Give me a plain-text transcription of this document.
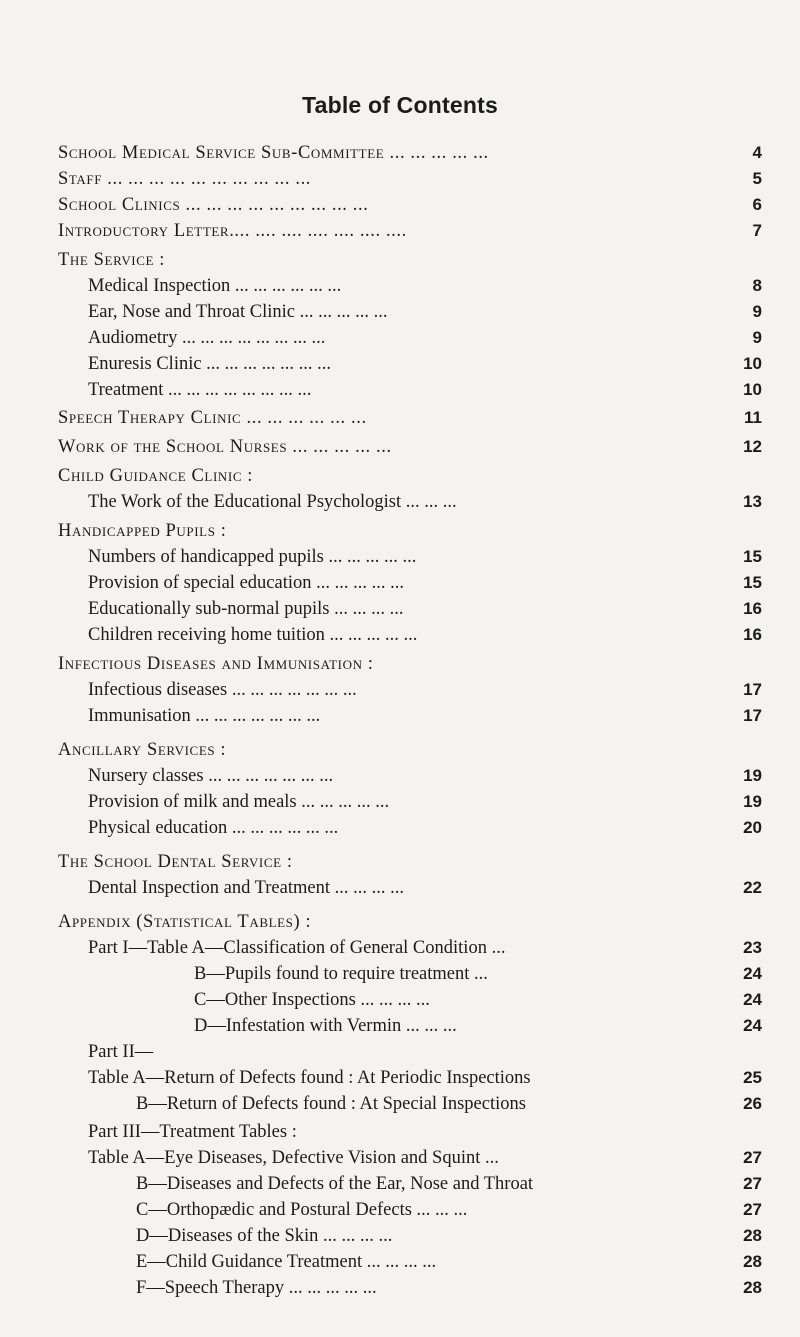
Table of Contents
School Medical Service Sub-Committee ... ... ... ... ...	4
Staff ... ... ... ... ... ... ... ... ... ...	5
School Clinics ... ... ... ... ... ... ... ... ...	6
Introductory Letter.... .... .... .... .... .... ....	7
The Service :
Medical Inspection ... ... ... ... ... ...	8
Ear, Nose and Throat Clinic ... ... ... ... ...	9
Audiometry ... ... ... ... ... ... ... ...	9
Enuresis Clinic ... ... ... ... ... ... ...	10
Treatment ... ... ... ... ... ... ... ...	10
Speech Therapy Clinic ... ... ... ... ... ...	11
Work of the School Nurses ... ... ... ... ...	12
Child Guidance Clinic :
The Work of the Educational Psychologist ... ... ...	13
Handicapped Pupils :
Numbers of handicapped pupils ... ... ... ... ...	15
Provision of special education ... ... ... ... ...	15
Educationally sub-normal pupils ... ... ... ...	16
Children receiving home tuition ... ... ... ... ...	16
Infectious Diseases and Immunisation :
Infectious diseases ... ... ... ... ... ... ...	17
Immunisation ... ... ... ... ... ... ...	17
Ancillary Services :
Nursery classes ... ... ... ... ... ... ...	19
Provision of milk and meals ... ... ... ... ...	19
Physical education ... ... ... ... ... ...	20
The School Dental Service :
Dental Inspection and Treatment ... ... ... ...	22
Appendix (Statistical Tables) :
Part I—Table A—Classification of General Condition ...	23
B—Pupils found to require treatment ...	24
C—Other Inspections ... ... ... ...	24
D—Infestation with Vermin ... ... ...	24
Part II—
Table A—Return of Defects found : At Periodic Inspections	25
B—Return of Defects found : At Special Inspections	26
Part III—Treatment Tables :
Table A—Eye Diseases, Defective Vision and Squint ...	27
B—Diseases and Defects of the Ear, Nose and Throat	27
C—Orthopædic and Postural Defects ... ... ...	27
D—Diseases of the Skin ... ... ... ...	28
E—Child Guidance Treatment ... ... ... ...	28
F—Speech Therapy ... ... ... ... ...	28
